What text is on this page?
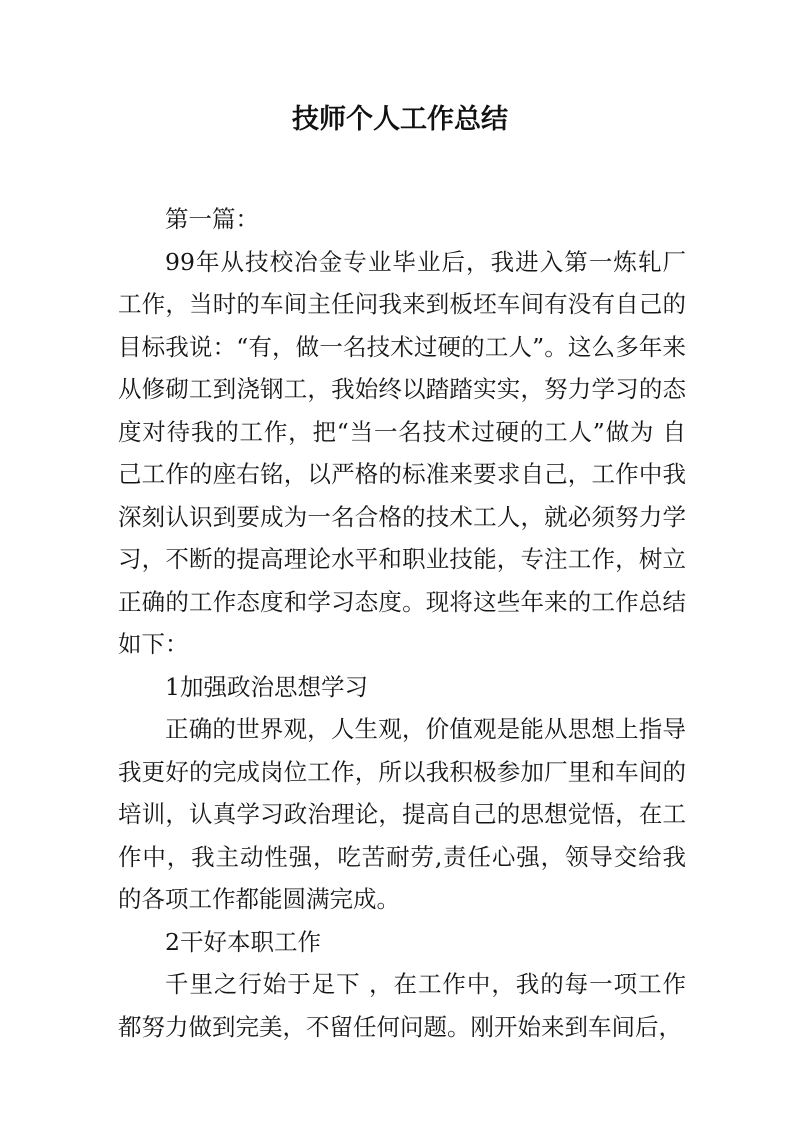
技师个人工作总结

第一篇：

99年从技校冶金专业毕业后，我进入第一炼轧厂工作，当时的车间主任问我来到板坯车间有没有自己的目标我说：“有，做一名技术过硬的工人”。这么多年来从修砌工到浇钢工，我始终以踏踏实实，努力学习的态度对待我的工作，把“当一名技术过硬的工人”做为 自己工作的座右铭，以严格的标准来要求自己，工作中我深刻认识到要成为一名合格的技术工人，就必须努力学习，不断的提高理论水平和职业技能，专注工作，树立正确的工作态度和学习态度。现将这些年来的工作总结如下：

1加强政治思想学习

正确的世界观，人生观，价值观是能从思想上指导我更好的完成岗位工作，所以我积极参加厂里和车间的培训，认真学习政治理论，提高自己的思想觉悟，在工作中，我主动性强，吃苦耐劳,责任心强，领导交给我的各项工作都能圆满完成。

2干好本职工作

千里之行始于足下 ，在工作中，我的每一项工作都努力做到完美，不留任何问题。刚开始来到车间后，
